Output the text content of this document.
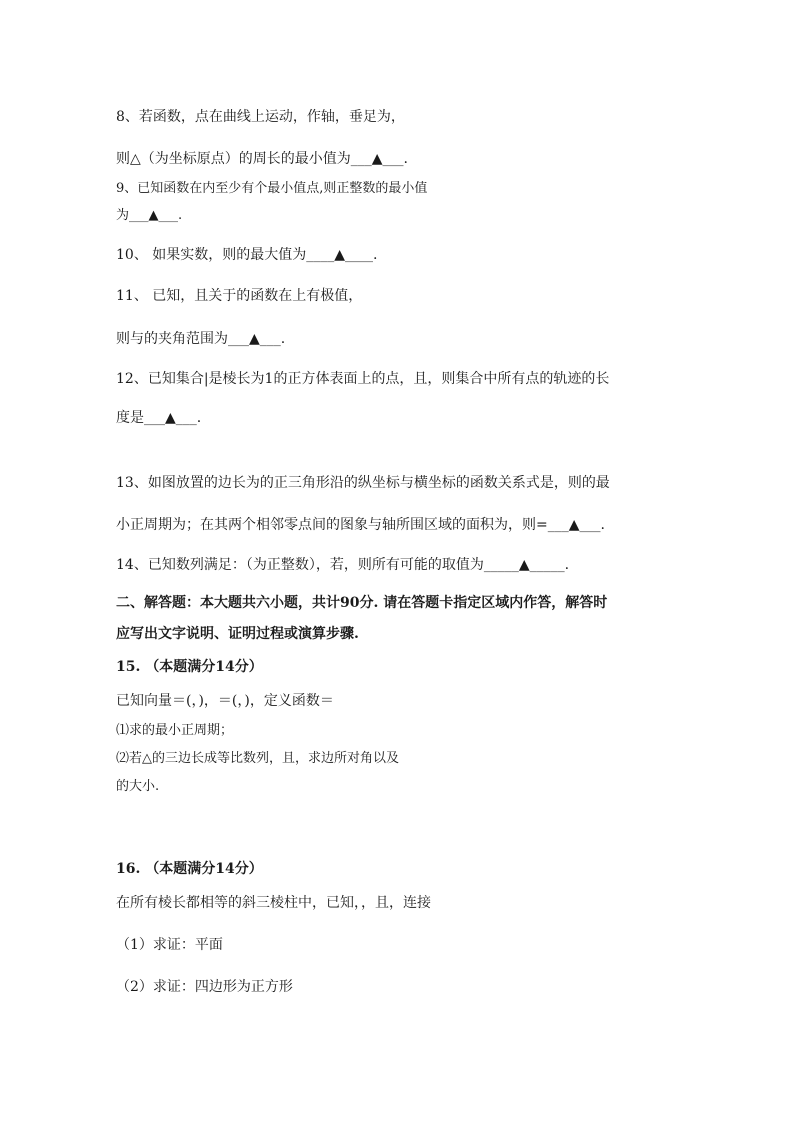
8、若函数，点在曲线上运动，作轴，垂足为，
则△（为坐标原点）的周长的最小值为___▲___.
9、已知函数在内至少有个最小值点,则正整数的最小值
为___▲___.
10、 如果实数，则的最大值为____▲____.
11、 已知，且关于的函数在上有极值，
则与的夹角范围为___▲___.
12、已知集合|是棱长为1的正方体表面上的点，且，则集合中所有点的轨迹的长
度是___▲___.
13、如图放置的边长为的正三角形沿的纵坐标与横坐标的函数关系式是，则的最
小正周期为；在其两个相邻零点间的图象与轴所围区域的面积为，则=___▲___.
14、已知数列满足：（为正整数），若，则所有可能的取值为_____▲_____.
二、解答题：本大题共六小题，共计90分. 请在答题卡指定区域内作答，解答时
应写出文字说明、证明过程或演算步骤.
15. （本题满分14分）
已知向量＝(，)，＝(，)，定义函数＝
⑴求的最小正周期；
⑵若△的三边长成等比数列，且，求边所对角以及
的大小.
16. （本题满分14分）
在所有棱长都相等的斜三棱柱中，已知，，且，连接
（1）求证：平面
（2）求证：四边形为正方形
